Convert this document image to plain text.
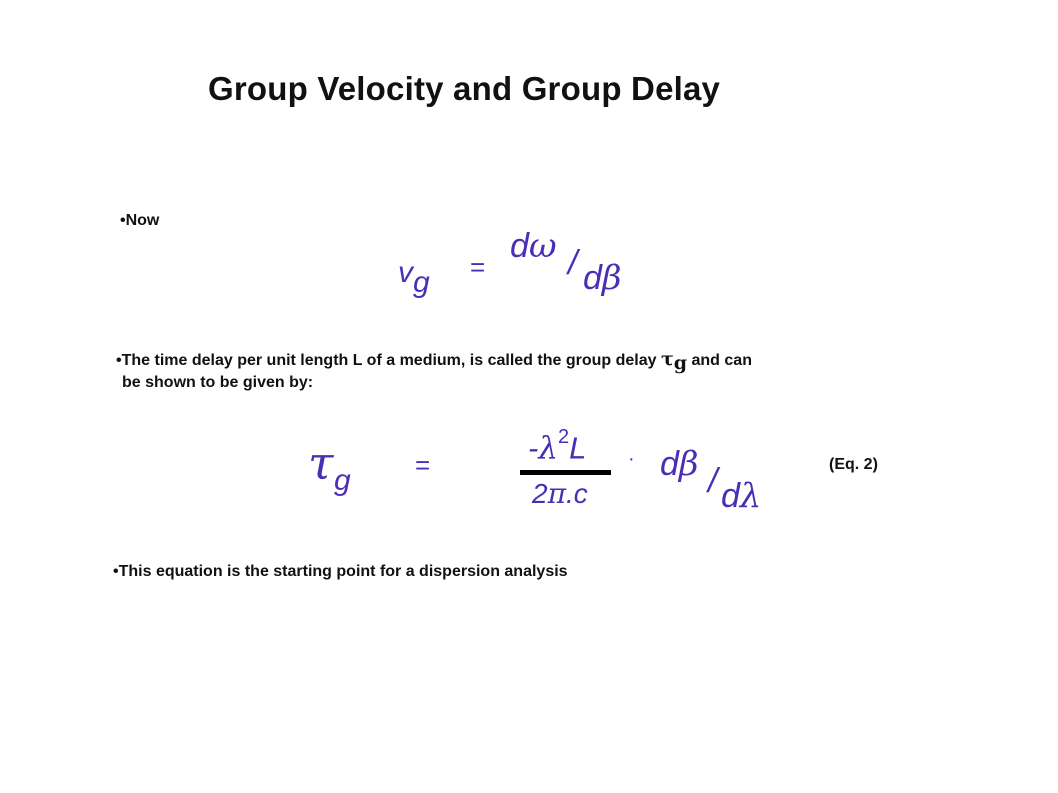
Group Velocity and Group Delay
•Now
vg =
dω / dβ
•The time delay per unit length L of a medium, is called the group delay $\tau_g$ and can
be shown to be given by:
τ g =	$-\lambda^2L$
2π.c
· dβ / dλ
(Eq. 2)
•This equation is the starting point for a dispersion analysis
